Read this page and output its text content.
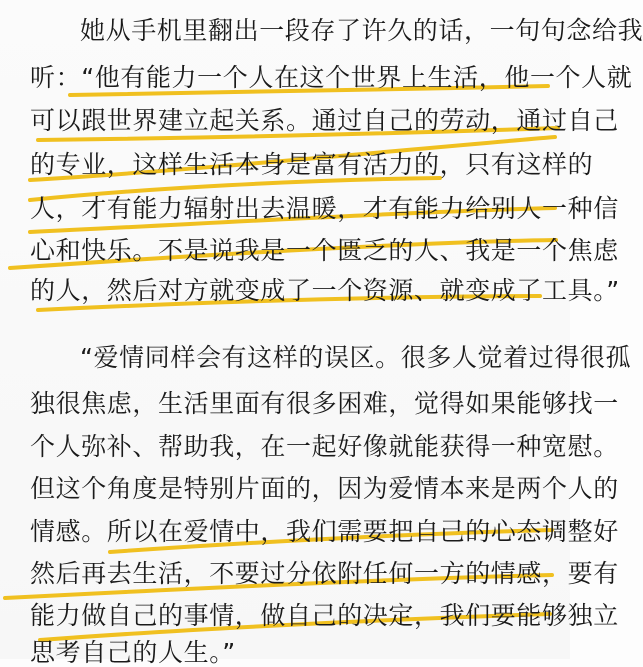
她从手机里翻出一段存了许久的话，一句句念给我
听：“他有能力一个人在这个世界上生活，他一个人就
可以跟世界建立起关系。通过自己的劳动，通过自己
的专业，这样生活本身是富有活力的，只有这样的
人，才有能力辐射出去温暖，才有能力给别人一种信
心和快乐。不是说我是一个匮乏的人、我是一个焦虑
的人，然后对方就变成了一个资源、就变成了工具。”
“爱情同样会有这样的误区。很多人觉着过得很孤
独很焦虑，生活里面有很多困难，觉得如果能够找一
个人弥补、帮助我，在一起好像就能获得一种宽慰。
但这个角度是特别片面的，因为爱情本来是两个人的
情感。所以在爱情中，我们需要把自己的心态调整好
然后再去生活，不要过分依附任何一方的情感，要有
能力做自己的事情，做自己的决定，我们要能够独立
思考自己的人生。”
